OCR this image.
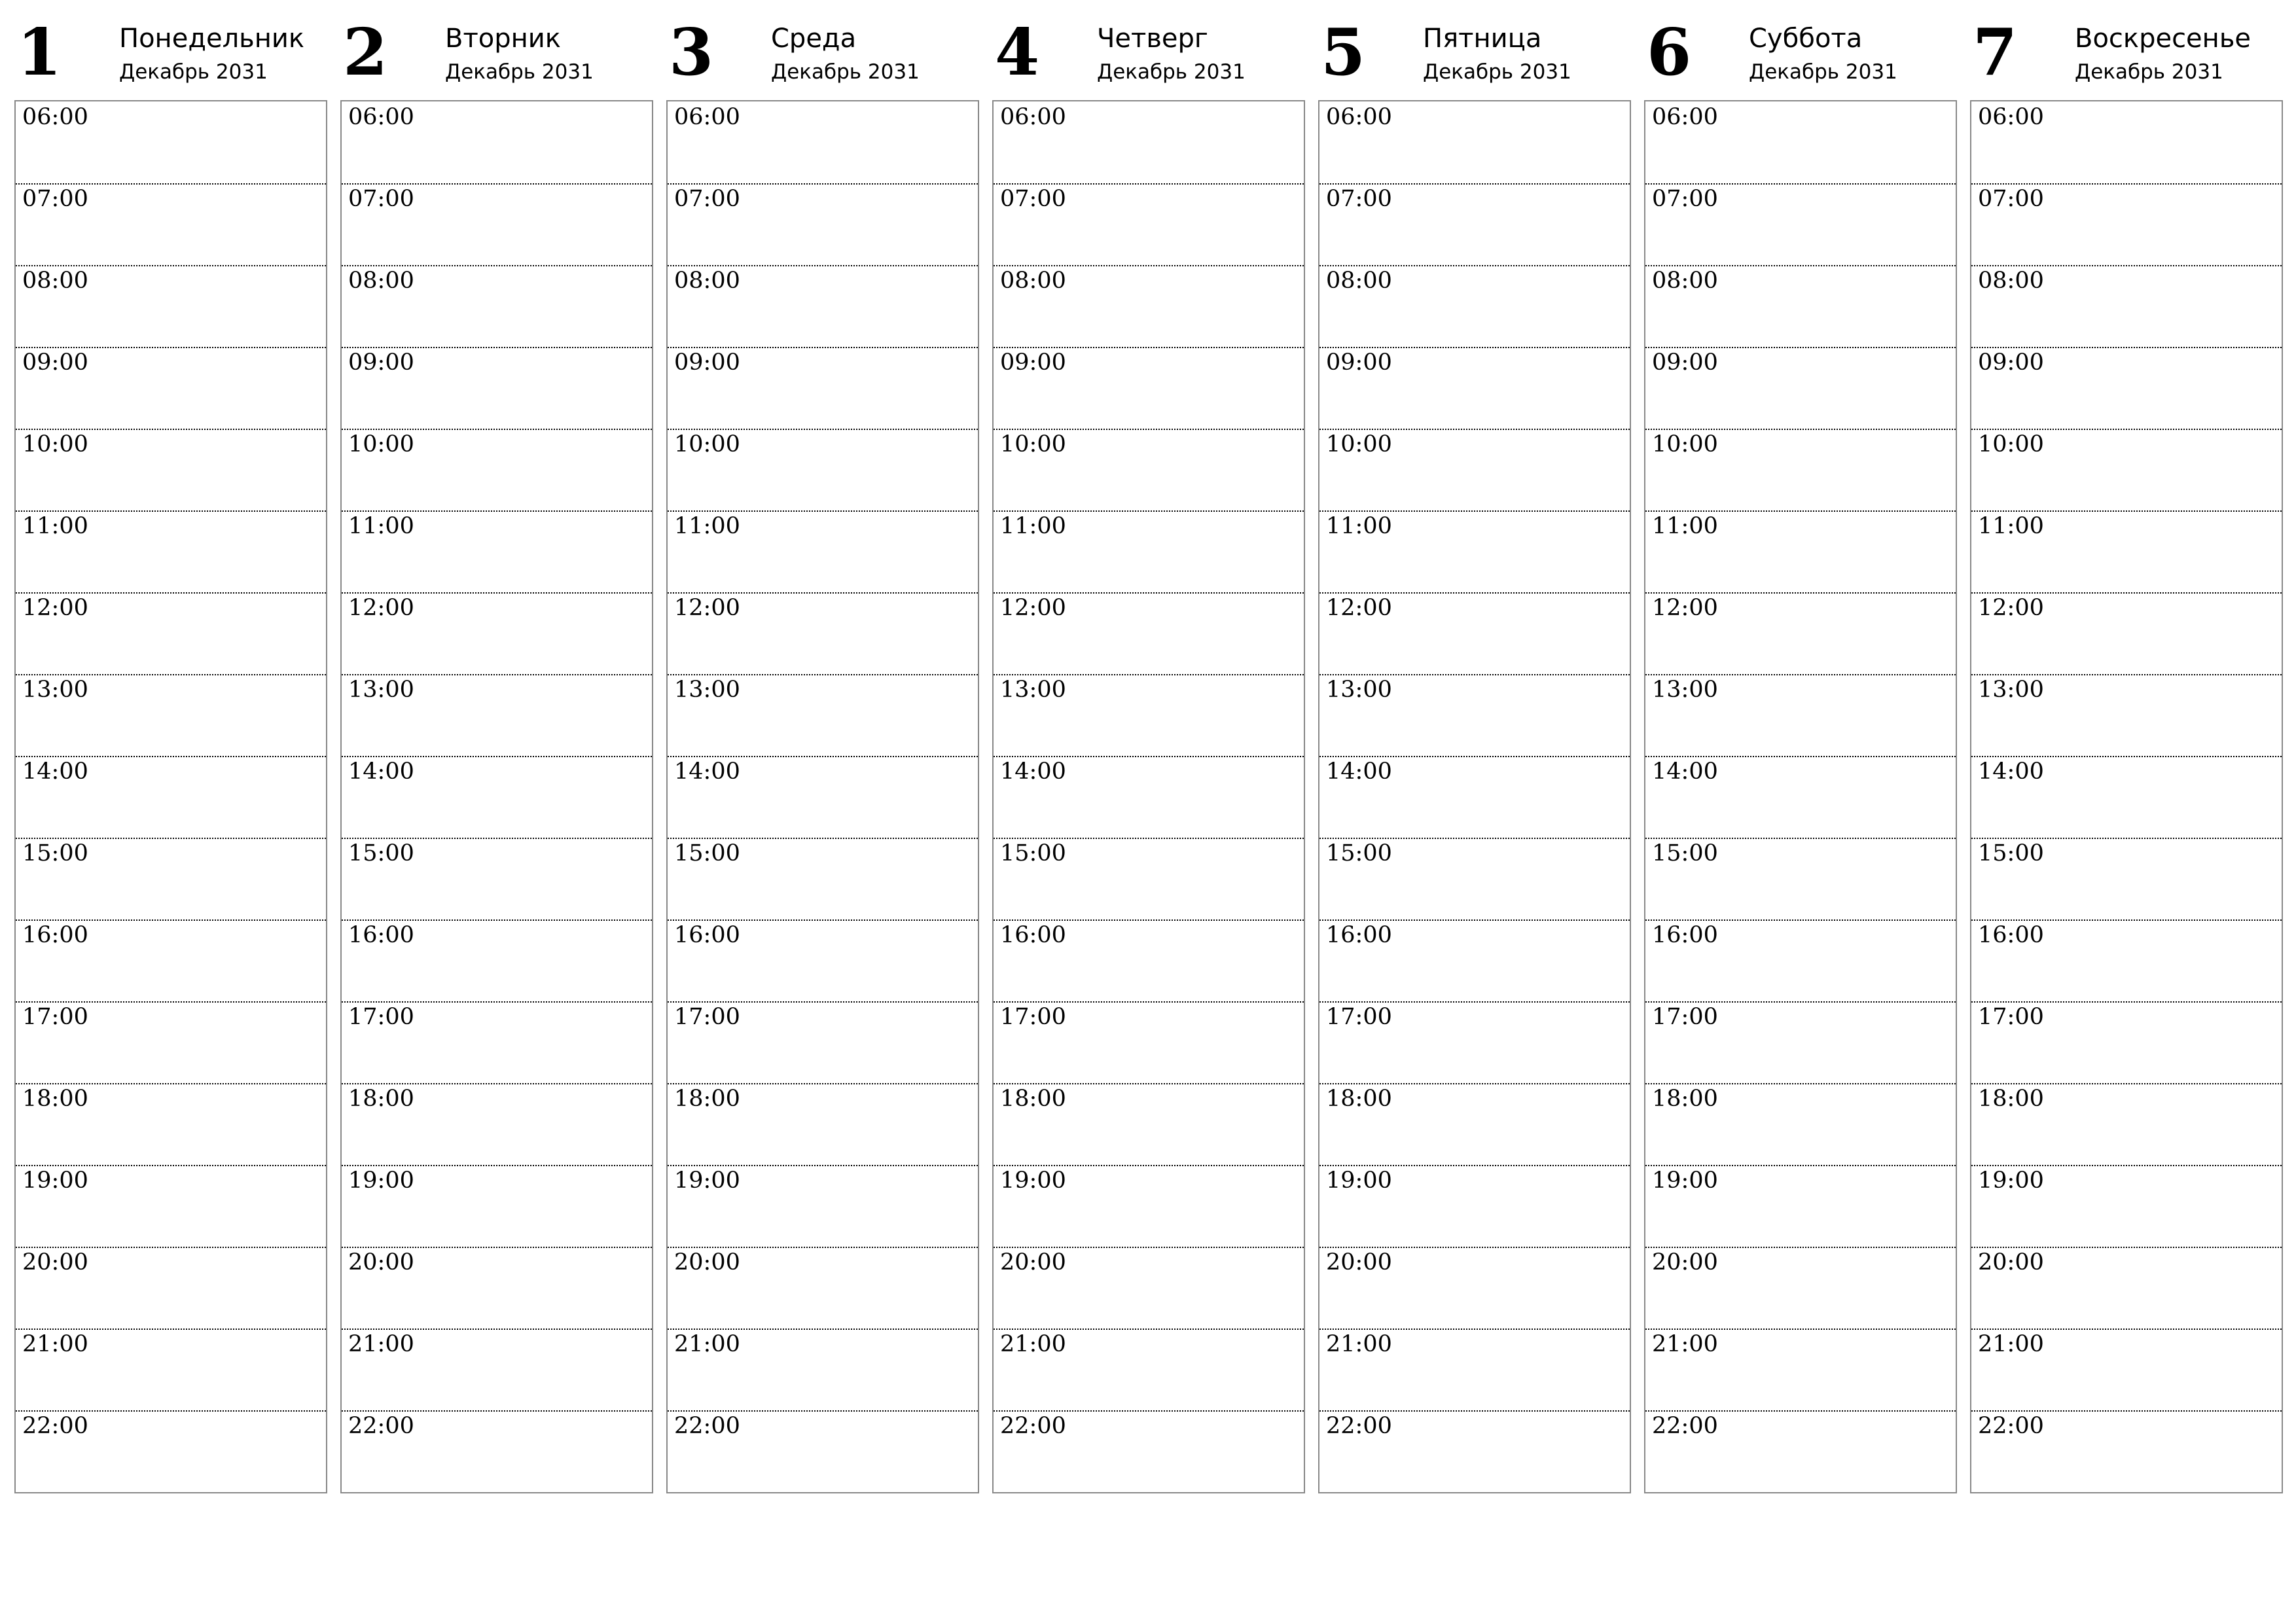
1 Понедельник
Декабрь 2031
06:00
07:00
08:00
09:00
10:00
11:00
12:00
13:00
14:00
15:00
16:00
17:00
18:00
19:00
20:00
21:00
22:00
2 Вторник
Декабрь 2031
06:00
07:00
08:00
09:00
10:00
11:00
12:00
13:00
14:00
15:00
16:00
17:00
18:00
19:00
20:00
21:00
22:00
3 Среда
Декабрь 2031
06:00
07:00
08:00
09:00
10:00
11:00
12:00
13:00
14:00
15:00
16:00
17:00
18:00
19:00
20:00
21:00
22:00
4 Четверг
Декабрь 2031
06:00
07:00
08:00
09:00
10:00
11:00
12:00
13:00
14:00
15:00
16:00
17:00
18:00
19:00
20:00
21:00
22:00
5 Пятница
Декабрь 2031
06:00
07:00
08:00
09:00
10:00
11:00
12:00
13:00
14:00
15:00
16:00
17:00
18:00
19:00
20:00
21:00
22:00
6 Суббота
Декабрь 2031
06:00
07:00
08:00
09:00
10:00
11:00
12:00
13:00
14:00
15:00
16:00
17:00
18:00
19:00
20:00
21:00
22:00
7 Воскресенье
Декабрь 2031
06:00
07:00
08:00
09:00
10:00
11:00
12:00
13:00
14:00
15:00
16:00
17:00
18:00
19:00
20:00
21:00
22:00
